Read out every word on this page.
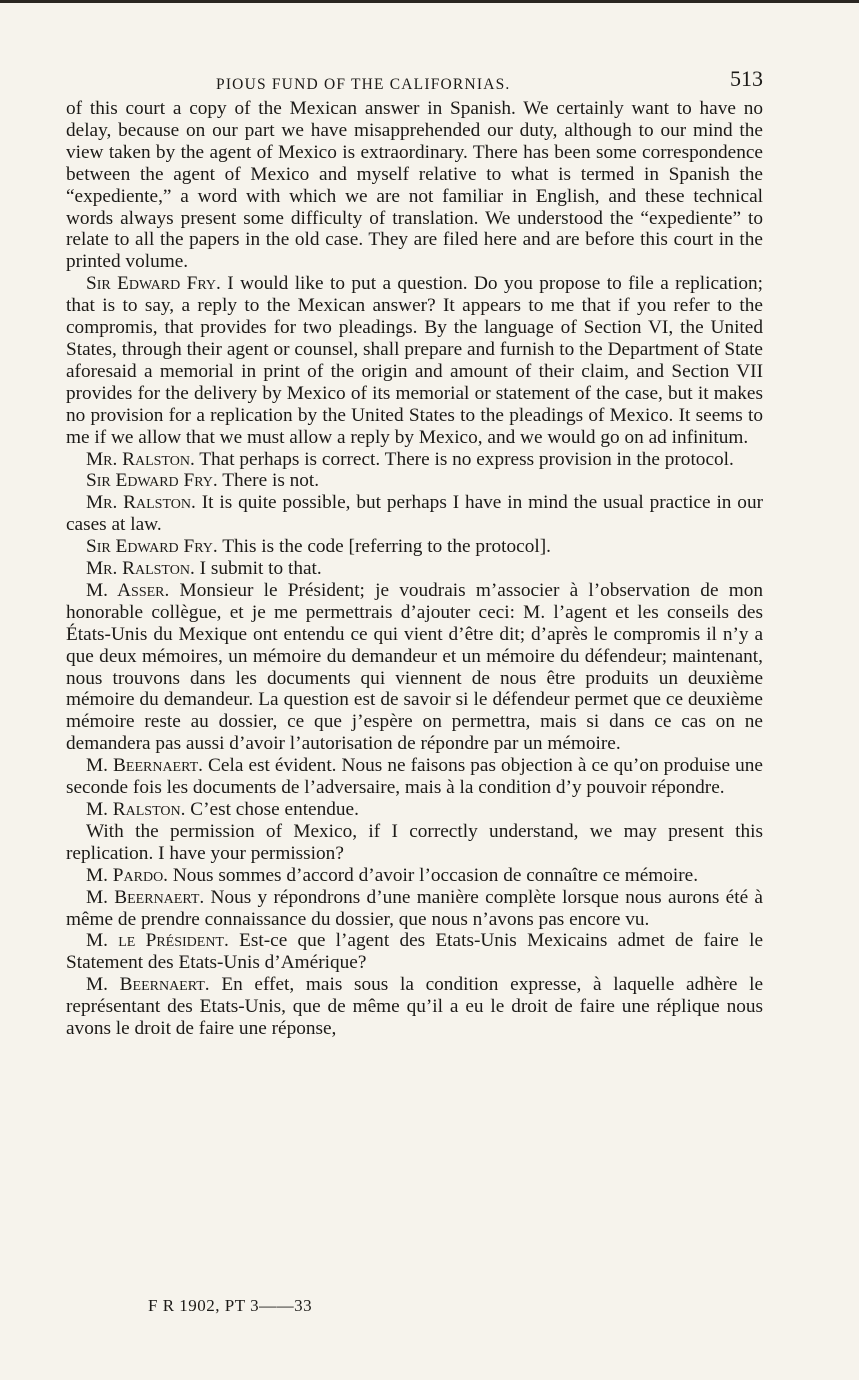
PIOUS FUND OF THE CALIFORNIAS.	513

of this court a copy of the Mexican answer in Spanish. We certainly want to have no delay, because on our part we have misapprehended our duty, although to our mind the view taken by the agent of Mexico is extraordinary. There has been some correspondence between the agent of Mexico and myself relative to what is termed in Spanish the “expediente,” a word with which we are not familiar in English, and these technical words always present some difficulty of translation. We understood the “expediente” to relate to all the papers in the old case. They are filed here and are before this court in the printed volume.

Sir Edward Fry. I would like to put a question. Do you propose to file a replication; that is to say, a reply to the Mexican answer? It appears to me that if you refer to the compromis, that provides for two pleadings. By the language of Section VI, the United States, through their agent or counsel, shall prepare and furnish to the Department of State aforesaid a memorial in print of the origin and amount of their claim, and Section VII provides for the delivery by Mexico of its memorial or statement of the case, but it makes no provision for a replication by the United States to the pleadings of Mexico. It seems to me if we allow that we must allow a reply by Mexico, and we would go on ad infinitum.

Mr. Ralston. That perhaps is correct. There is no express provision in the protocol.

Sir Edward Fry. There is not.

Mr. Ralston. It is quite possible, but perhaps I have in mind the usual practice in our cases at law.

Sir Edward Fry. This is the code [referring to the protocol].

Mr. Ralston. I submit to that.

M. Asser. Monsieur le Président; je voudrais m’associer à l’observation de mon honorable collègue, et je me permettrais d’ajouter ceci: M. l’agent et les conseils des États-Unis du Mexique ont entendu ce qui vient d’être dit; d’après le compromis il n’y a que deux mémoires, un mémoire du demandeur et un mémoire du défendeur; maintenant, nous trouvons dans les documents qui viennent de nous être produits un deuxième mémoire du demandeur. La question est de savoir si le défendeur permet que ce deuxième mémoire reste au dossier, ce que j’espère on permettra, mais si dans ce cas on ne demandera pas aussi d’avoir l’autorisation de répondre par un mémoire.

M. Beernaert. Cela est évident. Nous ne faisons pas objection à ce qu’on produise une seconde fois les documents de l’adversaire, mais à la condition d’y pouvoir répondre.

M. Ralston. C’est chose entendue.

With the permission of Mexico, if I correctly understand, we may present this replication. I have your permission?

M. Pardo. Nous sommes d’accord d’avoir l’occasion de connaître ce mémoire.

M. Beernaert. Nous y répondrons d’une manière complète lorsque nous aurons été à même de prendre connaissance du dossier, que nous n’avons pas encore vu.

M. le Président. Est-ce que l’agent des Etats-Unis Mexicains admet de faire le Statement des Etats-Unis d’Amérique?

M. Beernaert. En effet, mais sous la condition expresse, à laquelle adhère le représentant des Etats-Unis, que de même qu’il a eu le droit de faire une réplique nous avons le droit de faire une réponse,

F R 1902, PT 3——33
